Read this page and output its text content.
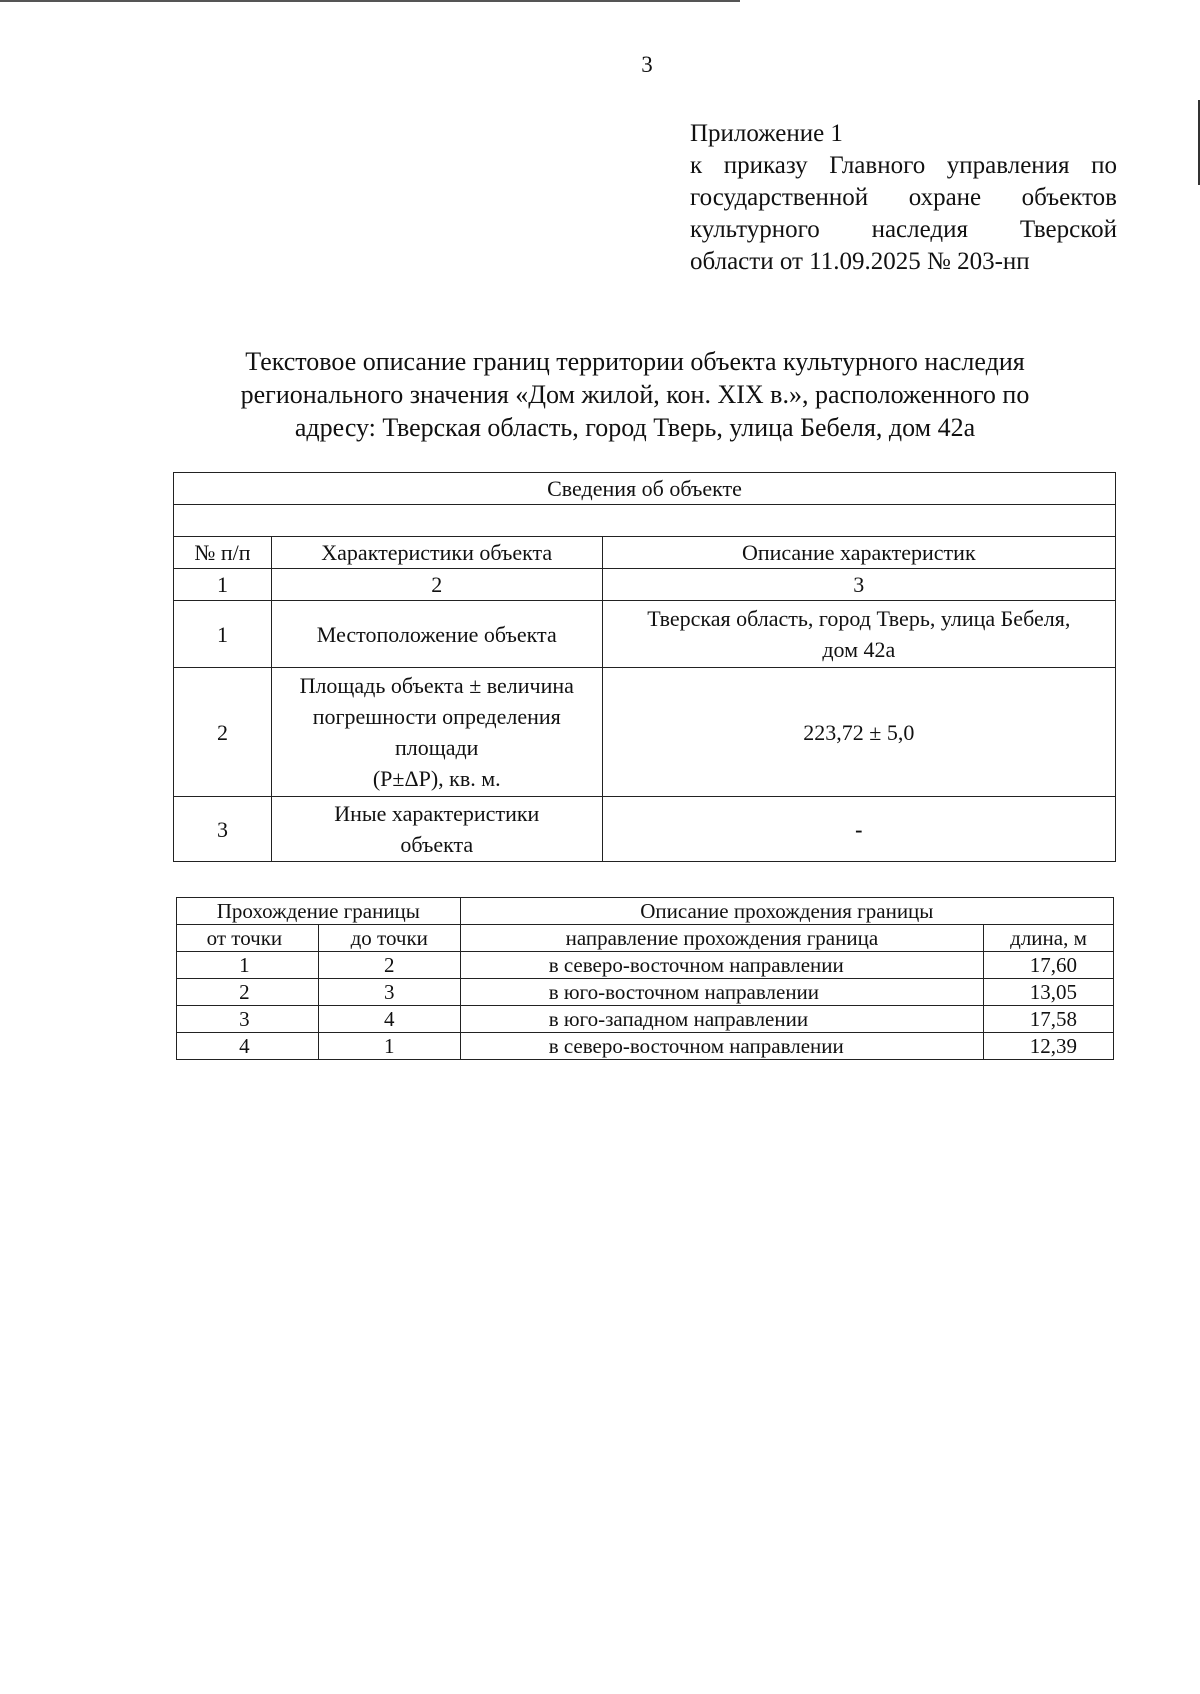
3
Приложение 1
к приказу Главного управления по
государственной охране объектов
культурного наследия Тверской
области от 11.09.2025 № 203-нп
Текстовое описание границ территории объекта культурного наследия
регионального значения «Дом жилой, кон. XIX в.», расположенного по
адресу: Тверская область, город Тверь, улица Бебеля, дом 42а
Сведения об объекте		

№ п/п	Характеристики объекта	Описание характеристик
1	2	3
1	Местоположение объекта	Тверская область, город Тверь, улица Бебеля,
дом 42а

2	Площадь объекта ± величина
погрешности определения
площади
(P±ΔP), кв. м.	223,72 ± 5,0

3	Иные характеристики
объекта	-
Прохождение границы		Описание прохождения границы	
от точки	до точки	направление прохождения граница	длина, м
1	2	в северо-восточном направлении	17,60
2	3	в юго-восточном направлении	13,05
3	4	в юго-западном направлении	17,58
4	1	в северо-восточном направлении	12,39
